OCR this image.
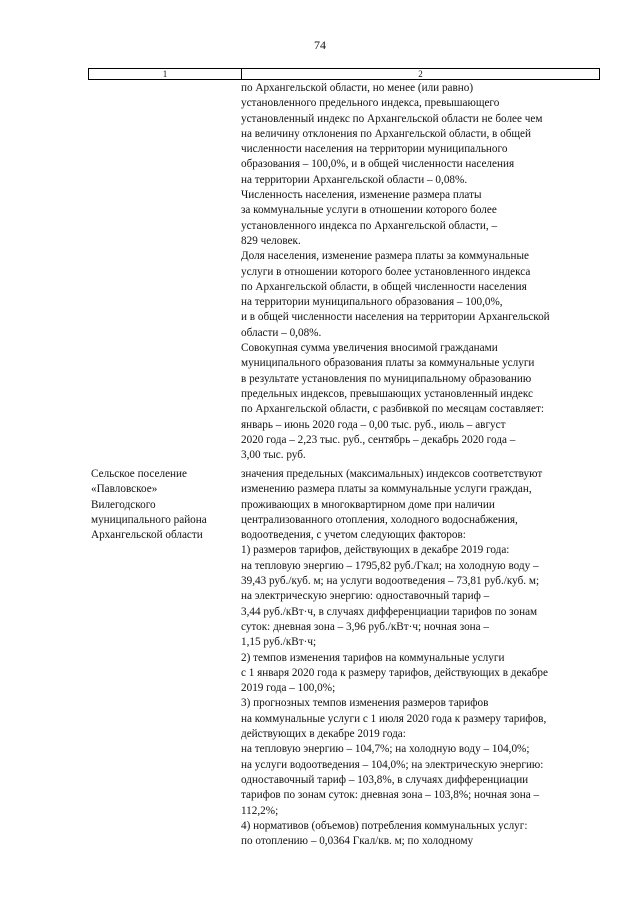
74
1	2
по Архангельской области, но менее (или равно)
установленного предельного индекса, превышающего
установленный индекс по Архангельской области не более чем
на величину отклонения по Архангельской области, в общей
численности населения на территории муниципального
образования – 100,0%, и в общей численности населения
на территории Архангельской области – 0,08%.
Численность населения, изменение размера платы
за коммунальные услуги в отношении которого более
установленного индекса по Архангельской области, –
829 человек.
Доля населения, изменение размера платы за коммунальные
услуги в отношении которого более установленного индекса
по Архангельской области, в общей численности населения
на территории муниципального образования – 100,0%,
и в общей численности населения на территории Архангельской
области – 0,08%.
Совокупная сумма увеличения вносимой гражданами
муниципального образования платы за коммунальные услуги
в результате установления по муниципальному образованию
предельных индексов, превышающих установленный индекс
по Архангельской области, с разбивкой по месяцам составляет:
январь – июнь 2020 года – 0,00 тыс. руб., июль – август
2020 года – 2,23 тыс. руб., сентябрь – декабрь 2020 года –
3,00 тыс. руб.
Сельское поселение
«Павловское»
Вилегодского
муниципального района
Архангельской области
значения предельных (максимальных) индексов соответствуют
изменению размера платы за коммунальные услуги граждан,
проживающих в многоквартирном доме при наличии
централизованного отопления, холодного водоснабжения,
водоотведения, с учетом следующих факторов:
1) размеров тарифов, действующих в декабре 2019 года:
на тепловую энергию – 1795,82 руб./Гкал; на холодную воду –
39,43 руб./куб. м; на услуги водоотведения – 73,81 руб./куб. м;
на электрическую энергию: одноставочный тариф –
3,44 руб./кВт·ч, в случаях дифференциации тарифов по зонам
суток: дневная зона – 3,96 руб./кВт·ч; ночная зона –
1,15 руб./кВт·ч;
2) темпов изменения тарифов на коммунальные услуги
с 1 января 2020 года к размеру тарифов, действующих в декабре
2019 года – 100,0%;
3) прогнозных темпов изменения размеров тарифов
на коммунальные услуги с 1 июля 2020 года к размеру тарифов,
действующих в декабре 2019 года:
на тепловую энергию – 104,7%; на холодную воду – 104,0%;
на услуги водоотведения – 104,0%; на электрическую энергию:
одноставочный тариф – 103,8%, в случаях дифференциации
тарифов по зонам суток: дневная зона – 103,8%; ночная зона –
112,2%;
4) нормативов (объемов) потребления коммунальных услуг:
по отоплению – 0,0364 Гкал/кв. м; по холодному
